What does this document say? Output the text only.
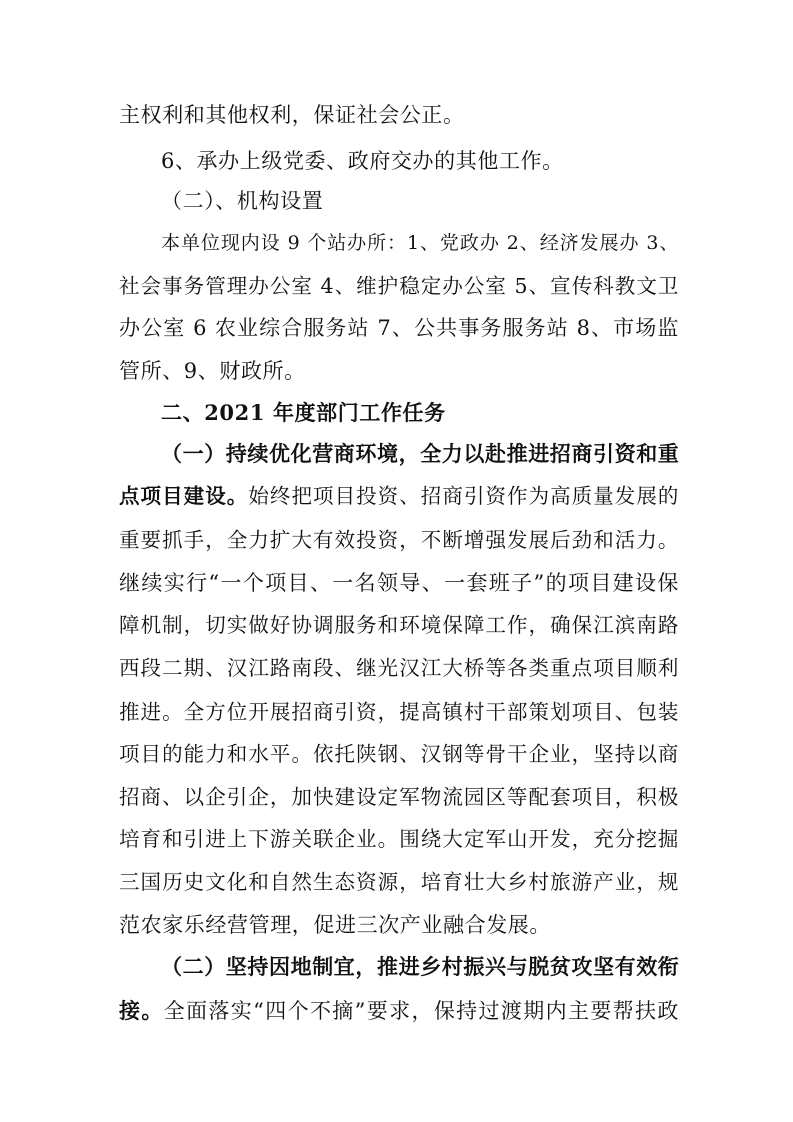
主权利和其他权利，保证社会公正。
6、承办上级党委、政府交办的其他工作。
（二）、机构设置
本单位现内设 9 个站办所：1、党政办 2、经济发展办 3、
社会事务管理办公室 4、维护稳定办公室 5、宣传科教文卫
办公室 6 农业综合服务站 7、公共事务服务站 8、市场监
管所、9、财政所。
二、2021 年度部门工作任务
（一）持续优化营商环境，全力以赴推进招商引资和重
点项目建设。始终把项目投资、招商引资作为高质量发展的
重要抓手，全力扩大有效投资，不断增强发展后劲和活力。
继续实行“一个项目、一名领导、一套班子”的项目建设保
障机制，切实做好协调服务和环境保障工作，确保江滨南路
西段二期、汉江路南段、继光汉江大桥等各类重点项目顺利
推进。全方位开展招商引资，提高镇村干部策划项目、包装
项目的能力和水平。依托陕钢、汉钢等骨干企业，坚持以商
招商、以企引企，加快建设定军物流园区等配套项目，积极
培育和引进上下游关联企业。围绕大定军山开发，充分挖掘
三国历史文化和自然生态资源，培育壮大乡村旅游产业，规
范农家乐经营管理，促进三次产业融合发展。
（二）坚持因地制宜，推进乡村振兴与脱贫攻坚有效衔
接。全面落实“四个不摘”要求，保持过渡期内主要帮扶政
